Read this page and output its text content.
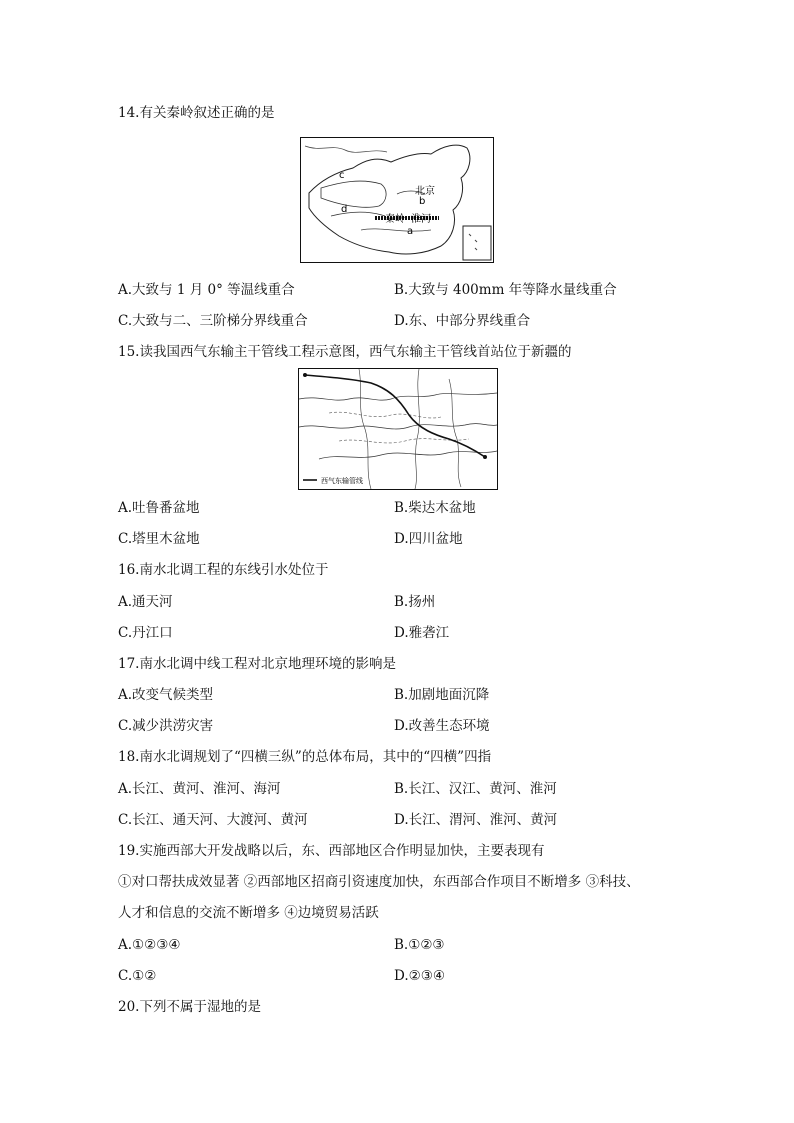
14.有关秦岭叙述正确的是
c
d
b
a
北京
秦岭 淮河
A.大致与 1 月 0° 等温线重合	B.大致与 400mm 年等降水量线重合
C.大致与二、三阶梯分界线重合	D.东、中部分界线重合
15.读我国西气东输主干管线工程示意图，西气东输主干管线首站位于新疆的
西气东输管线
A.吐鲁番盆地	B.柴达木盆地
C.塔里木盆地	D.四川盆地
16.南水北调工程的东线引水处位于
A.通天河	B.扬州
C.丹江口	D.雅砻江
17.南水北调中线工程对北京地理环境的影响是
A.改变气候类型	B.加剧地面沉降
C.减少洪涝灾害	D.改善生态环境
18.南水北调规划了“四横三纵”的总体布局，其中的“四横”四指
A.长江、黄河、淮河、海河	B.长江、汉江、黄河、淮河
C.长江、通天河、大渡河、黄河	D.长江、渭河、淮河、黄河
19.实施西部大开发战略以后，东、西部地区合作明显加快，主要表现有
①对口帮扶成效显著 ②西部地区招商引资速度加快，东西部合作项目不断增多 ③科技、
人才和信息的交流不断增多 ④边境贸易活跃
A.①②③④	B.①②③
C.①②	D.②③④
20.下列不属于湿地的是
